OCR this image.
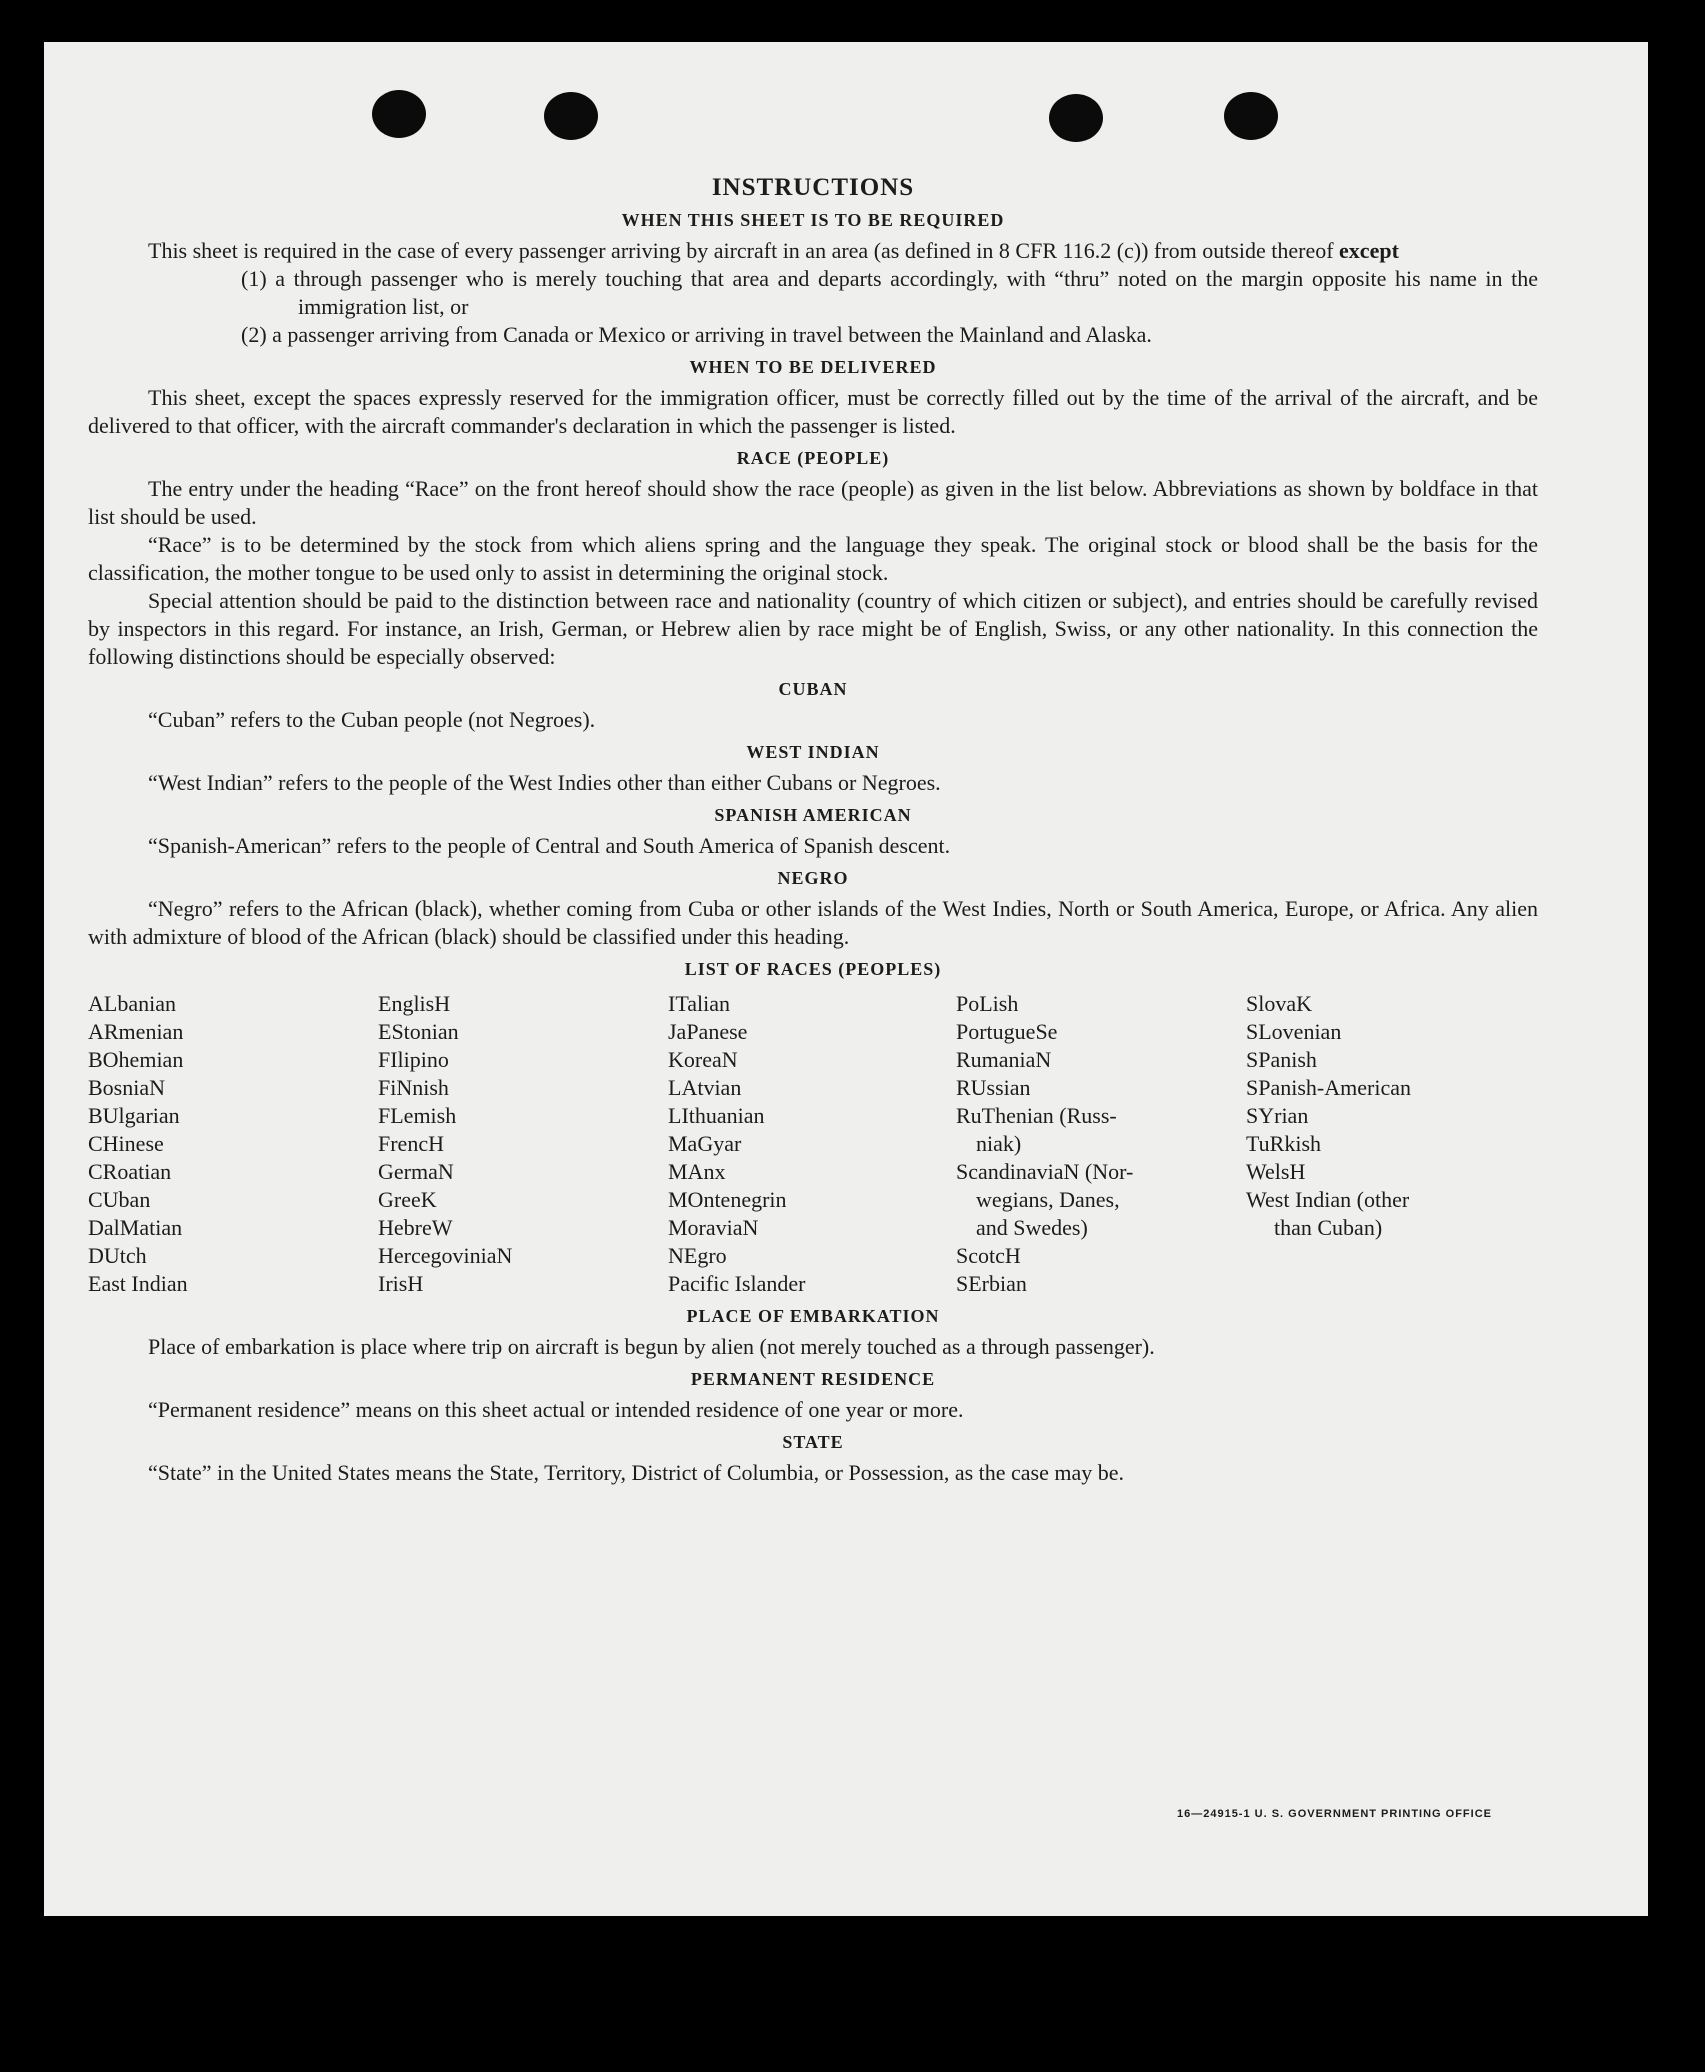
INSTRUCTIONS
WHEN THIS SHEET IS TO BE REQUIRED

This sheet is required in the case of every passenger arriving by aircraft in an area (as defined in 8 CFR 116.2 (c)) from outside thereof except

(1) a through passenger who is merely touching that area and departs accordingly, with “thru” noted on the margin opposite his name in the immigration list, or
(2) a passenger arriving from Canada or Mexico or arriving in travel between the Mainland and Alaska.
WHEN TO BE DELIVERED

This sheet, except the spaces expressly reserved for the immigration officer, must be correctly filled out by the time of the arrival of the aircraft, and be delivered to that officer, with the aircraft commander's declaration in which the passenger is listed.

RACE (PEOPLE)

The entry under the heading “Race” on the front hereof should show the race (people) as given in the list below. Abbreviations as shown by boldface in that list should be used.

“Race” is to be determined by the stock from which aliens spring and the language they speak. The original stock or blood shall be the basis for the classification, the mother tongue to be used only to assist in determining the original stock.

Special attention should be paid to the distinction between race and nationality (country of which citizen or subject), and entries should be carefully revised by inspectors in this regard. For instance, an Irish, German, or Hebrew alien by race might be of English, Swiss, or any other nationality. In this connection the following distinctions should be especially observed:

CUBAN

“Cuban” refers to the Cuban people (not Negroes).

WEST INDIAN

“West Indian” refers to the people of the West Indies other than either Cubans or Negroes.

SPANISH AMERICAN

“Spanish-American” refers to the people of Central and South America of Spanish descent.

NEGRO

“Negro” refers to the African (black), whether coming from Cuba or other islands of the West Indies, North or South America, Europe, or Africa. Any alien with admixture of blood of the African (black) should be classified under this heading.

LIST OF RACES (PEOPLES)
ALbanian
ARmenian
BOhemian
BosniaN
BUlgarian
CHinese
CRoatian
CUban
DalMatian
DUtch
East Indian
EnglisH
EStonian
FIlipino
FiNnish
FLemish
FrencH
GermaN
GreeK
HebreW
HercegoviniaN
IrisH
ITalian
JaPanese
KoreaN
LAtvian
LIthuanian
MaGyar
MAnx
MOntenegrin
MoraviaN
NEgro
Pacific Islander
PoLish
PortugueSe
RumaniaN
RUssian
RuThenian (Russ-
niak)
ScandinaviaN (Nor-
wegians, Danes,
and Swedes)
ScotcH
SErbian
SlovaK
SLovenian
SPanish
SPanish-American
SYrian
TuRkish
WelsH
West Indian (other
than Cuban)
PLACE OF EMBARKATION

Place of embarkation is place where trip on aircraft is begun by alien (not merely touched as a through passenger).

PERMANENT RESIDENCE

“Permanent residence” means on this sheet actual or intended residence of one year or more.

STATE

“State” in the United States means the State, Territory, District of Columbia, or Possession, as the case may be.

16—24915-1 U. S. GOVERNMENT PRINTING OFFICE
